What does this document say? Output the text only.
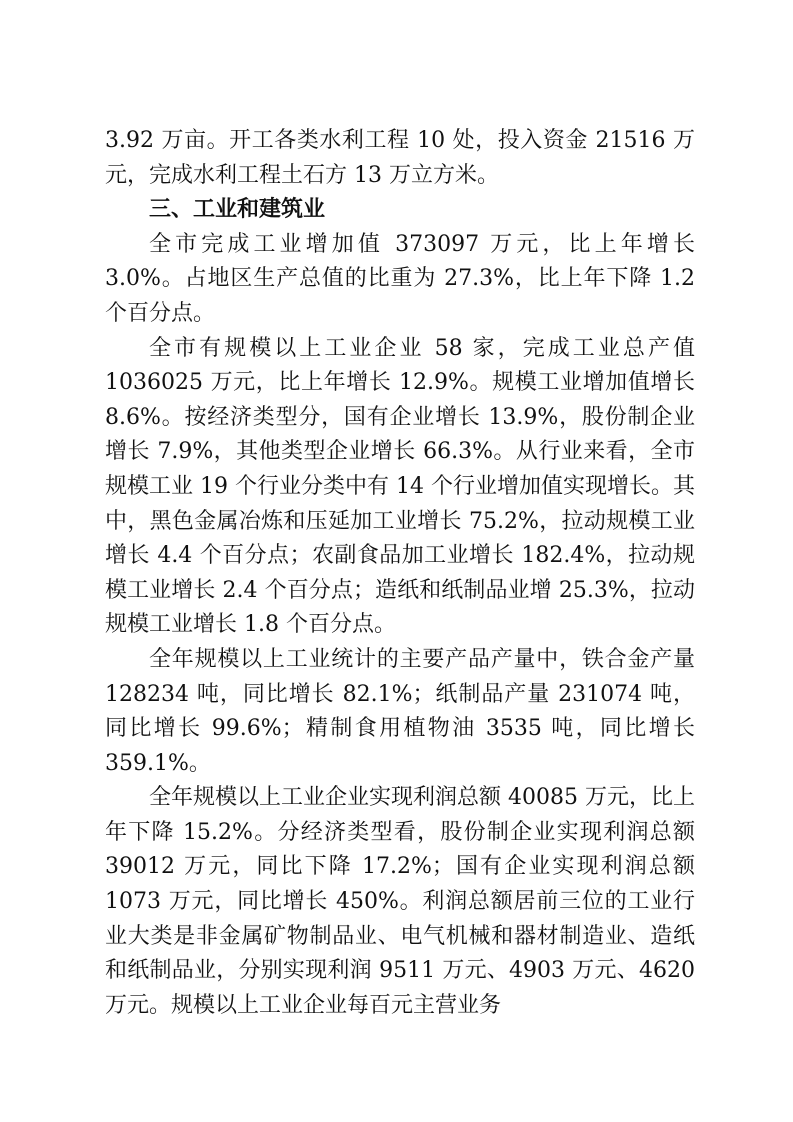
3.92 万亩。开工各类水利工程 10 处，投入资金 21516 万元，完成水利工程土石方 13 万立方米。

三、工业和建筑业

全市完成工业增加值 373097 万元，比上年增长 3.0%。占地区生产总值的比重为 27.3%，比上年下降 1.2 个百分点。

全市有规模以上工业企业 58 家，完成工业总产值 1036025 万元，比上年增长 12.9%。规模工业增加值增长 8.6%。按经济类型分，国有企业增长 13.9%，股份制企业增长 7.9%，其他类型企业增长 66.3%。从行业来看，全市规模工业 19 个行业分类中有 14 个行业增加值实现增长。其中，黑色金属冶炼和压延加工业增长 75.2%，拉动规模工业增长 4.4 个百分点；农副食品加工业增长 182.4%，拉动规模工业增长 2.4 个百分点；造纸和纸制品业增 25.3%，拉动规模工业增长 1.8 个百分点。

全年规模以上工业统计的主要产品产量中，铁合金产量 128234 吨，同比增长 82.1%；纸制品产量 231074 吨，同比增长 99.6%；精制食用植物油 3535 吨，同比增长 359.1%。

全年规模以上工业企业实现利润总额 40085 万元，比上年下降 15.2%。分经济类型看，股份制企业实现利润总额 39012 万元，同比下降 17.2%；国有企业实现利润总额 1073 万元，同比增长 450%。利润总额居前三位的工业行业大类是非金属矿物制品业、电气机械和器材制造业、造纸和纸制品业，分别实现利润 9511 万元、4903 万元、4620 万元。规模以上工业企业每百元主营业务
